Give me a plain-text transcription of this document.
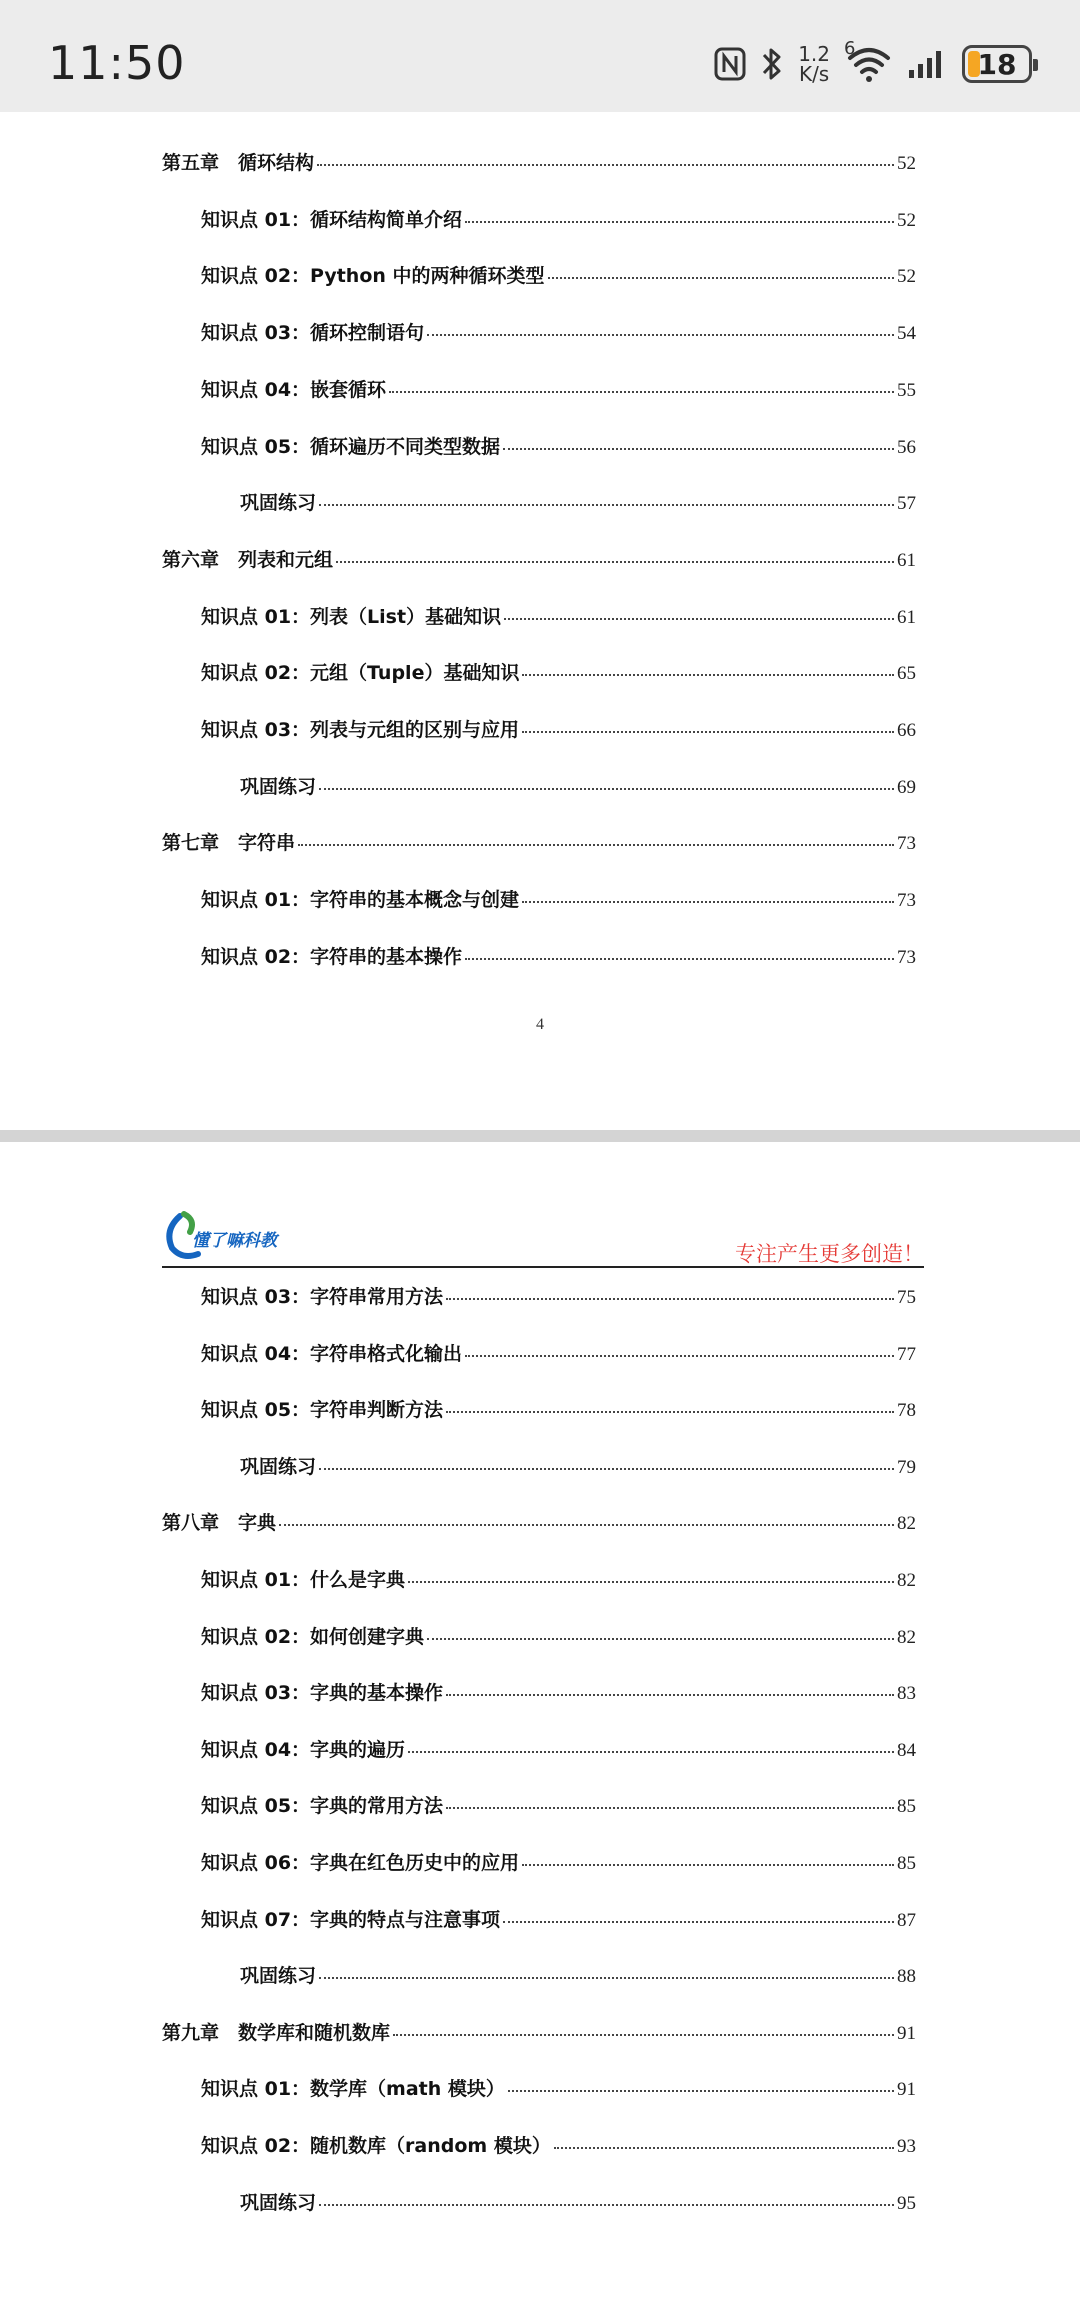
11:50	1.2
K/s
6	18
第五章　循环结构	52
知识点 01：循环结构简单介绍	52
知识点 02：Python 中的两种循环类型	52
知识点 03：循环控制语句	54
知识点 04：嵌套循环	55
知识点 05：循环遍历不同类型数据	56
巩固练习	57
第六章　列表和元组	61
知识点 01：列表（List）基础知识	61
知识点 02：元组（Tuple）基础知识	65
知识点 03：列表与元组的区别与应用	66
巩固练习	69
第七章　字符串	73
知识点 01：字符串的基本概念与创建	73
知识点 02：字符串的基本操作	73
4
懂了嘛科教
专注产生更多创造！
知识点 03：字符串常用方法	75
知识点 04：字符串格式化输出	77
知识点 05：字符串判断方法	78
巩固练习	79
第八章　字典	82
知识点 01：什么是字典	82
知识点 02：如何创建字典	82
知识点 03：字典的基本操作	83
知识点 04：字典的遍历	84
知识点 05：字典的常用方法	85
知识点 06：字典在红色历史中的应用	85
知识点 07：字典的特点与注意事项	87
巩固练习	88
第九章　数学库和随机数库	91
知识点 01：数学库（math 模块）	91
知识点 02：随机数库（random 模块）	93
巩固练习	95
